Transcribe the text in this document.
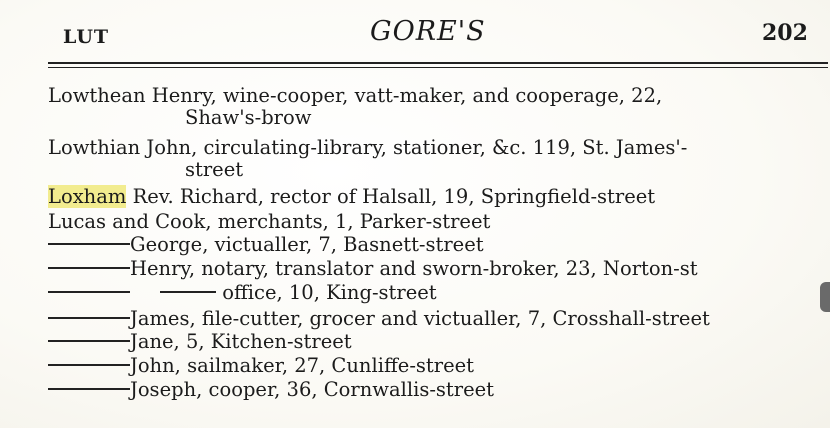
LUT	GORE'S	202
Lowthean Henry, wine-cooper, vatt-maker, and cooperage, 22,
Shaw's-brow
Lowthian John, circulating-library, stationer, &c. 119, St. James'-
street
Loxham Rev. Richard, rector of Halsall, 19, Springfield-street
Lucas and Cook, merchants, 1, Parker-street
George, victualler, 7, Basnett-street
Henry, notary, translator and sworn-broker, 23, Norton-st
office, 10, King-street
James, file-cutter, grocer and victualler, 7, Crosshall-street
Jane, 5, Kitchen-street
John, sailmaker, 27, Cunliffe-street
Joseph, cooper, 36, Cornwallis-street
